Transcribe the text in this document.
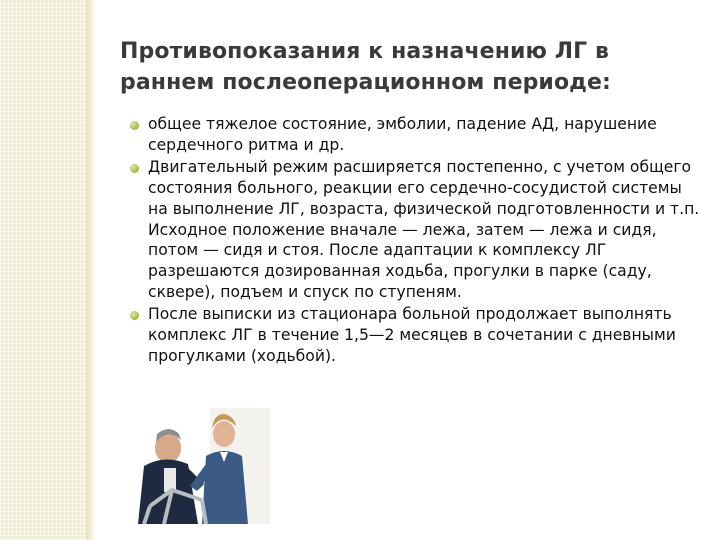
Противопоказания к назначению ЛГ в
раннем послеоперационном периоде:
общее тяжелое состояние, эмболии, падение АД, нарушение сердечного ритма и др.
Двигательный режим расширяется постепенно, с учетом общего состояния больного, реакции его сердечно-сосудистой системы на выполнение ЛГ, возраста, физической подготовленности и т.п. Исходное положение вначале — лежа, затем — лежа и сидя, потом — сидя и стоя. После адаптации к комплексу ЛГ разрешаются дозированная ходьба, прогулки в парке (саду, сквере), подъем и спуск по ступеням.
После выписки из стационара больной продолжает выполнять комплекс ЛГ в течение 1,5—2 месяцев в сочетании с дневными прогулками (ходьбой).
